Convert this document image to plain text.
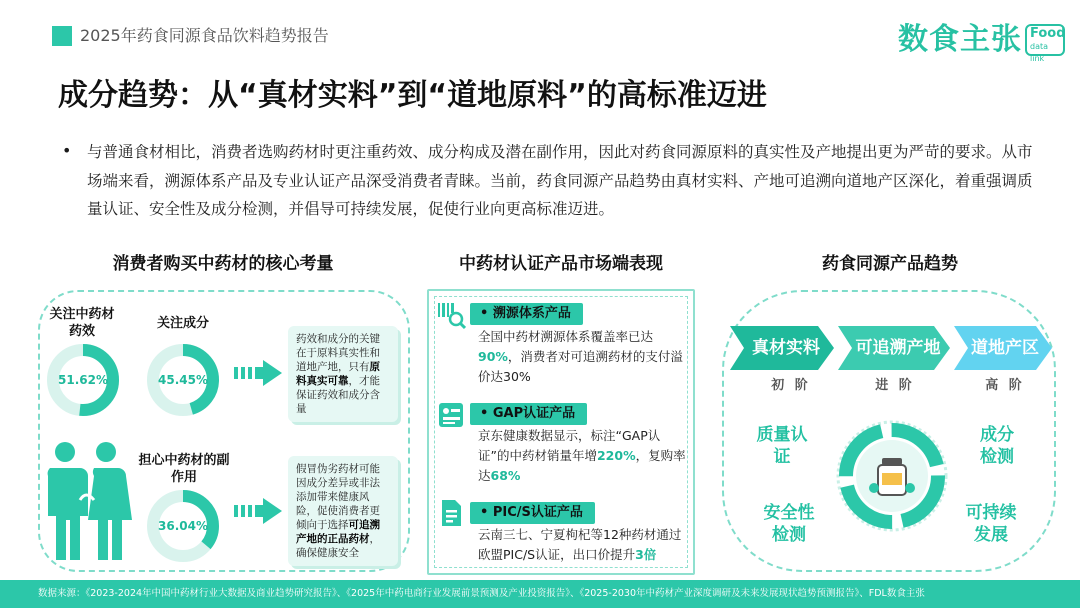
2025年药食同源食品饮料趋势报告	数食主张 Food
data link
成分趋势：从“真材实料”到“道地原料”的高标准迈进
• 与普通食材相比，消费者选购药材时更注重药效、成分构成及潜在副作用，因此对药食同源原料的真实性及产地提出更为严苛的要求。从市场端来看，溯源体系产品及专业认证产品深受消费者青睐。当前，药食同源产品趋势由真材实料、产地可追溯向道地产区深化，着重强调质量认证、安全性及成分检测，并倡导可持续发展，促使行业向更高标准迈进。
消费者购买中药材的核心考量	中药材认证产品市场端表现	药食同源产品趋势
关注中药材药效
关注成分
担心中药材的副作用
51.62%	45.45%
36.04%
药效和成分的关键在于原料真实性和道地产地，只有原料真实可靠，才能保证药效和成分含量
假冒伪劣药材可能因成分差异或非法添加带来健康风险，促使消费者更倾向于选择可追溯产地的正品药材，确保健康安全
• 溯源体系产品
全国中药材溯源体系覆盖率已达90%，消费者对可追溯药材的支付溢价达30%
• GAP认证产品
京东健康数据显示，标注“GAP认证”的中药材销量年增220%，复购率达68%
• PIC/S认证产品
云南三七、宁夏枸杞等12种药材通过欧盟PIC/S认证，出口价提升3倍
真材实料	可追溯产地	道地产区
初 阶	进 阶	高 阶
质量认证
成分检测
安全性检测
可持续发展
数据来源：《2023-2024年中国中药材行业大数据及商业趋势研究报告》、《2025年中药电商行业发展前景预测及产业投资报告》、《2025-2030年中药材产业深度调研及未来发展现状趋势预测报告》、FDL数食主张
